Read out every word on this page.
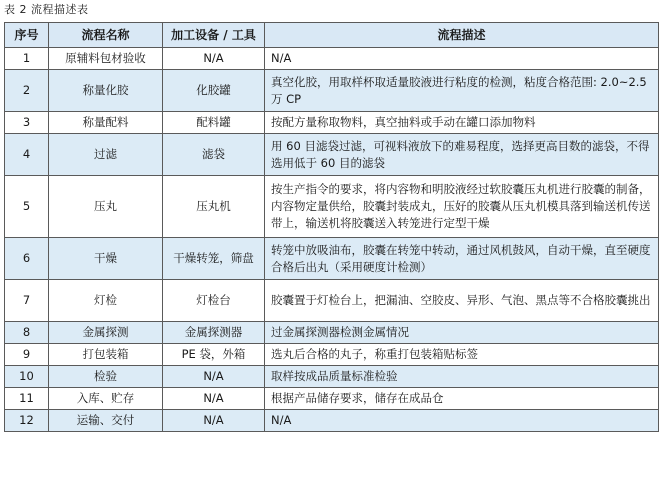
表 2 流程描述表
序号	流程名称	加工设备 / 工具	流程描述
1	原辅料包材验收	N/A	N/A
2	称量化胶	化胶罐	真空化胶，用取样杯取适量胶液进行粘度的检测，粘度合格范围: 2.0~2.5 万 CP
3	称量配料	配料罐	按配方量称取物料，真空抽料或手动在罐口添加物料
4	过滤	滤袋	用 60 目滤袋过滤，可视料液放下的难易程度，选择更高目数的滤袋，不得选用低于 60 目的滤袋
5	压丸	压丸机	按生产指令的要求，将内容物和明胶液经过软胶囊压丸机进行胶囊的制备，内容物定量供给，胶囊封装成丸，压好的胶囊从压丸机模具落到输送机传送带上，输送机将胶囊送入转笼进行定型干燥
6	干燥	干燥转笼，筛盘	转笼中放吸油布，胶囊在转笼中转动，通过风机鼓风，自动干燥，直至硬度合格后出丸（采用硬度计检测）
7	灯检	灯检台	胶囊置于灯检台上，把漏油、空胶皮、异形、气泡、黑点等不合格胶囊挑出
8	金属探测	金属探测器	过金属探测器检测金属情况
9	打包装箱	PE 袋，外箱	选丸后合格的丸子，称重打包装箱贴标签
10	检验	N/A	取样按成品质量标准检验
11	入库、贮存	N/A	根据产品储存要求，储存在成品仓
12	运输、交付	N/A	N/A
